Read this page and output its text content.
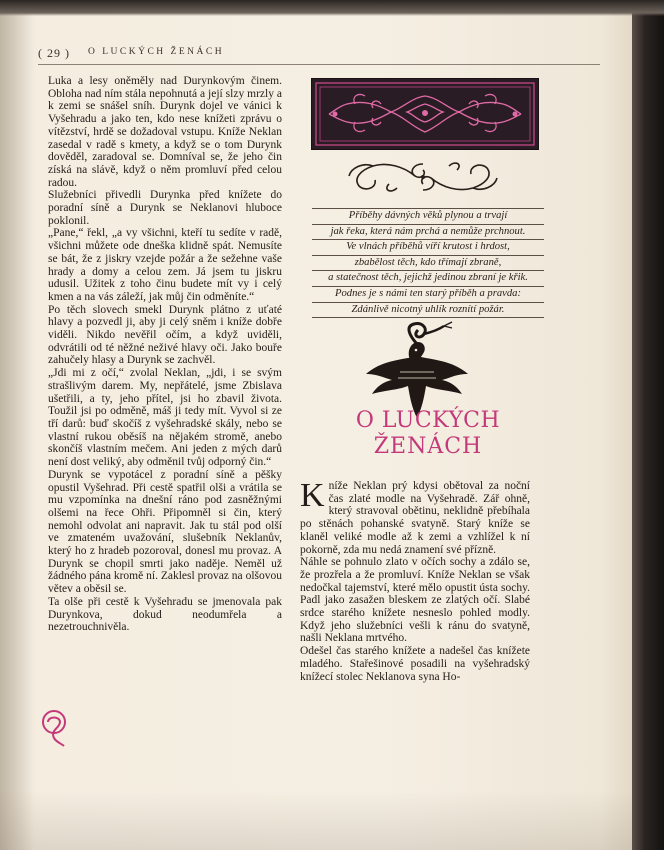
( 29 ) O LUCKÝCH ŽENÁCH

Luka a lesy oněměly nad Durynkovým činem. Obloha nad ním stála nepohnutá a její slzy mrzly a k zemi se snášel sníh. Durynk dojel ve vánici k Vyšehradu a jako ten, kdo nese knížeti zprávu o vítězství, hrdě se dožadoval vstupu. Kníže Neklan zasedal v radě s kmety, a když se o tom Durynk dověděl, zaradoval se. Domníval se, že jeho čin získá na slávě, když o něm promluví před celou radou.

Služebníci přivedli Durynka před knížete do poradní síně a Durynk se Neklanovi hluboce poklonil.

„Pane,“ řekl, „a vy všichni, kteří tu sedíte v radě, všichni můžete ode dneška klidně spát. Nemusíte se bát, že z jiskry vzejde požár a že sežehne vaše hrady a domy a celou zem. Já jsem tu jiskru udusil. Užitek z toho činu budete mít vy i celý kmen a na vás záleží, jak můj čin odměníte.“

Po těch slovech smekl Durynk plátno z uťaté hlavy a pozvedl ji, aby ji celý sněm i kníže dobře viděli. Nikdo nevěřil očím, a když uviděli, odvrátili od té něžné neživé hlavy oči. Jako bouře zahučely hlasy a Durynk se zachvěl.

„Jdi mi z očí,“ zvolal Neklan, „jdi, i se svým strašlivým darem. My, nepřátelé, jsme Zbislava ušetřili, a ty, jeho přítel, jsi ho zbavil života. Toužil jsi po odměně, máš ji tedy mít. Vyvol si ze tří darů: buď skočíš z vyšehradské skály, nebo se vlastní rukou oběsíš na nějakém stromě, anebo skončíš vlastním mečem. Ani jeden z mých darů není dost veliký, aby odměnil tvůj odporný čin.“

Durynk se vypotácel z poradní síně a pěšky opustil Vyšehrad. Při cestě spatřil olši a vrátila se mu vzpomínka na dnešní ráno pod zasněžnými olšemi na řece Ohři. Připomněl si čin, který nemohl odvolat ani napravit. Jak tu stál pod olší ve zmateném uvažování, slušebník Neklanův, který ho z hradeb pozoroval, donesl mu provaz. A Durynk se chopil smrti jako naděje. Neměl už žádného pána kromě ní. Zaklesl provaz na olšovou větev a oběsil se.

Ta olše při cestě k Vyšehradu se jmenovala pak Durynkova, dokud neodumřela a nezetrouchnivěla.

Příběhy dávných věků plynou a trvají
jak řeka, která nám prchá a nemůže prchnout.
Ve vlnách příběhů víří krutost i hrdost,
zbabělost těch, kdo třímají zbraně,
a statečnost těch, jejichž jedinou zbraní je křik.
Podnes je s námi ten starý příběh a pravda:
Zdánlivě nicotný uhlík roznítí požár.
O LUCKÝCH
ŽENÁCH

Kníže Neklan prý kdysi obětoval za noční čas zlaté modle na Vyšehradě. Zář ohně, který stravoval obětinu, neklidně přebíhala po stěnách pohanské svatyně. Starý kníže se klaněl veliké modle až k zemi a vzhlížel k ní pokorně, zda mu nedá znamení své přízně.

Náhle se pohnulo zlato v očích sochy a zdálo se, že prozřela a že promluví. Kníže Neklan se však nedočkal tajemství, které mělo opustit ústa sochy. Padl jako zasažen bleskem ze zlatých očí. Slabé srdce starého knížete nesneslo pohled modly. Když jeho služebníci vešli k ránu do svatyně, našli Neklana mrtvého.

Odešel čas starého knížete a nadešel čas knížete mladého. Stařešinové posadili na vyšehradský knížecí stolec Neklanova syna Ho-
